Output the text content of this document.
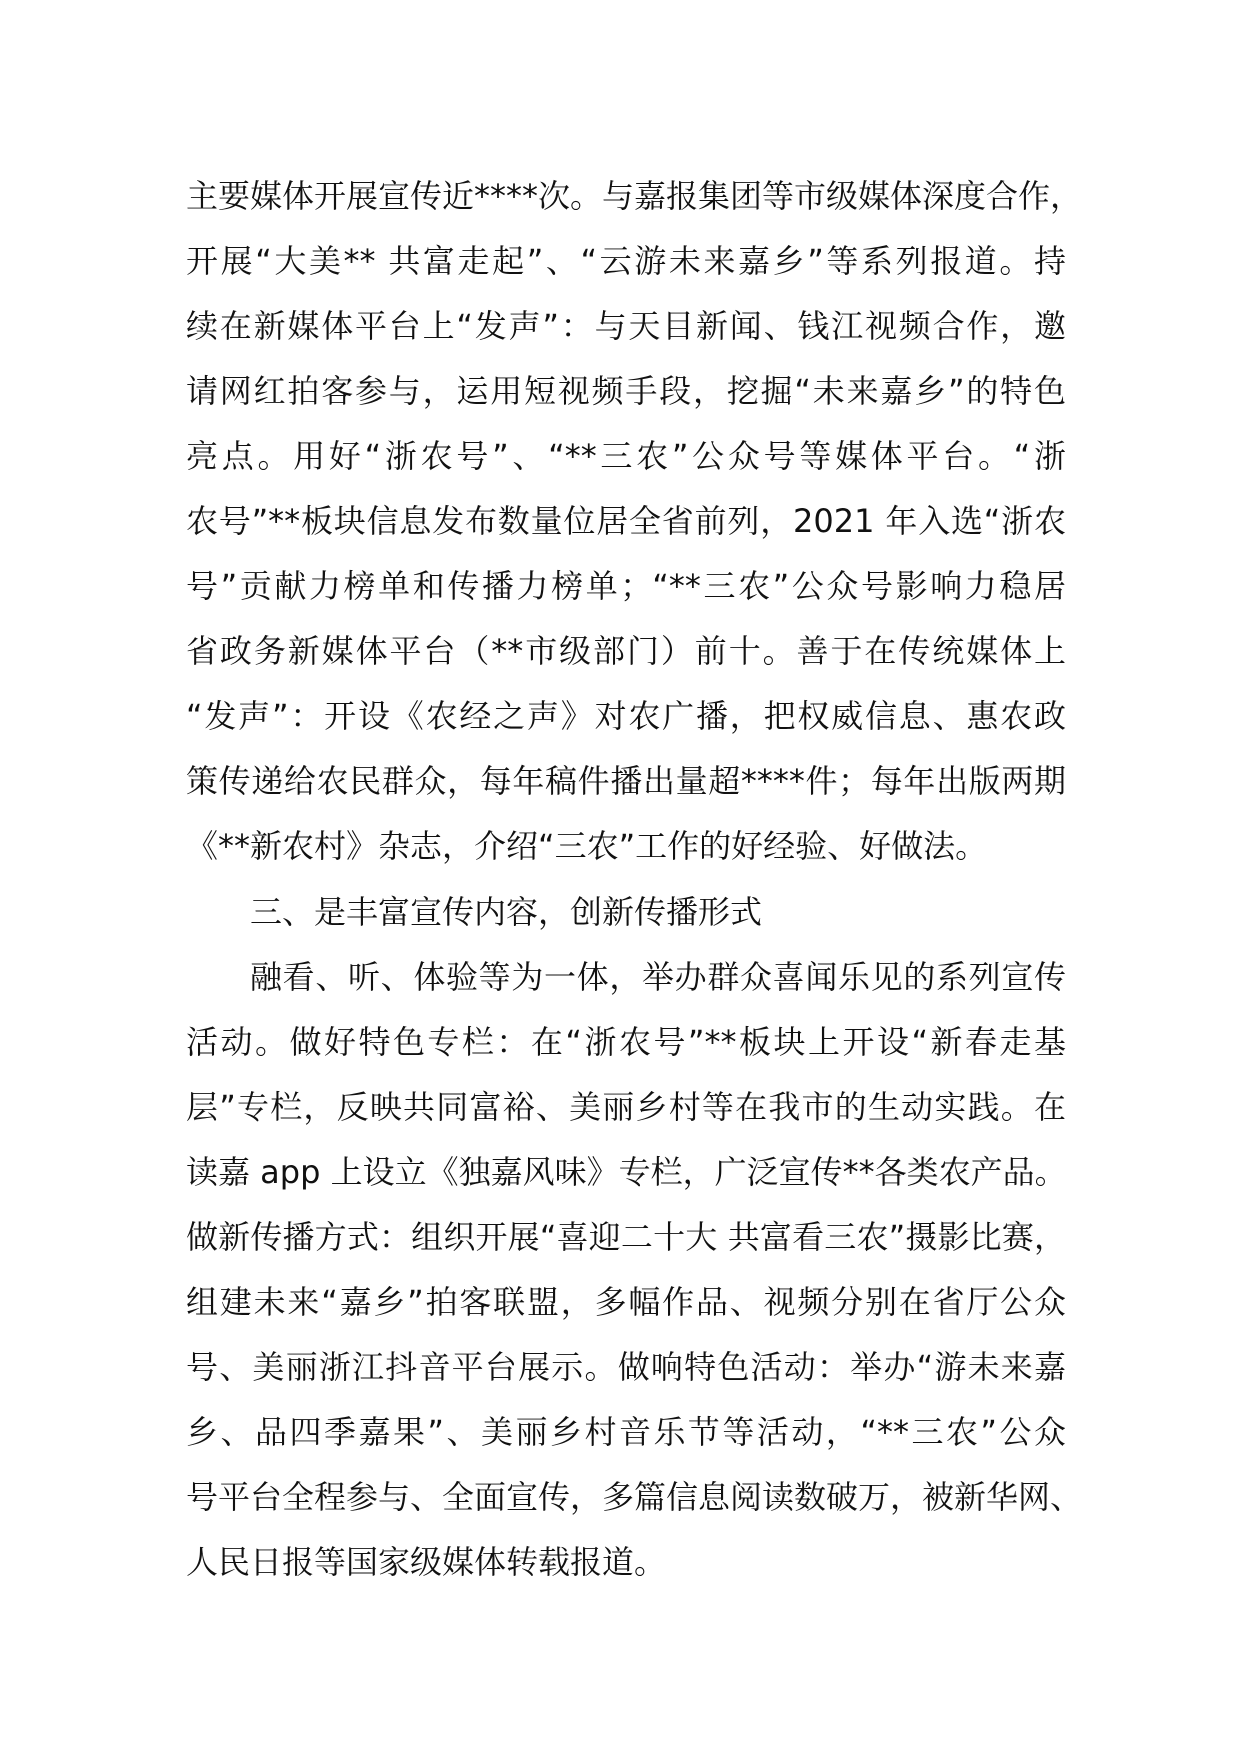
主要媒体开展宣传近****次。与嘉报集团等市级媒体深度合作，
开展“大美** 共富走起”、“云游未来嘉乡”等系列报道。持
续在新媒体平台上“发声”：与天目新闻、钱江视频合作，邀
请网红拍客参与，运用短视频手段，挖掘“未来嘉乡”的特色
亮点。用好“浙农号”、“**三农”公众号等媒体平台。“浙
农号”**板块信息发布数量位居全省前列，2021 年入选“浙农
号”贡献力榜单和传播力榜单；“**三农”公众号影响力稳居
省政务新媒体平台（**市级部门）前十。善于在传统媒体上
“发声”：开设《农经之声》对农广播，把权威信息、惠农政
策传递给农民群众，每年稿件播出量超****件；每年出版两期
《**新农村》杂志，介绍“三农”工作的好经验、好做法。
三、是丰富宣传内容，创新传播形式
融看、听、体验等为一体，举办群众喜闻乐见的系列宣传
活动。做好特色专栏：在“浙农号”**板块上开设“新春走基
层”专栏，反映共同富裕、美丽乡村等在我市的生动实践。在
读嘉 app 上设立《独嘉风味》专栏，广泛宣传**各类农产品。
做新传播方式：组织开展“喜迎二十大 共富看三农”摄影比赛，
组建未来“嘉乡”拍客联盟，多幅作品、视频分别在省厅公众
号、美丽浙江抖音平台展示。做响特色活动：举办“游未来嘉
乡、品四季嘉果”、美丽乡村音乐节等活动，“**三农”公众
号平台全程参与、全面宣传，多篇信息阅读数破万，被新华网、
人民日报等国家级媒体转载报道。
